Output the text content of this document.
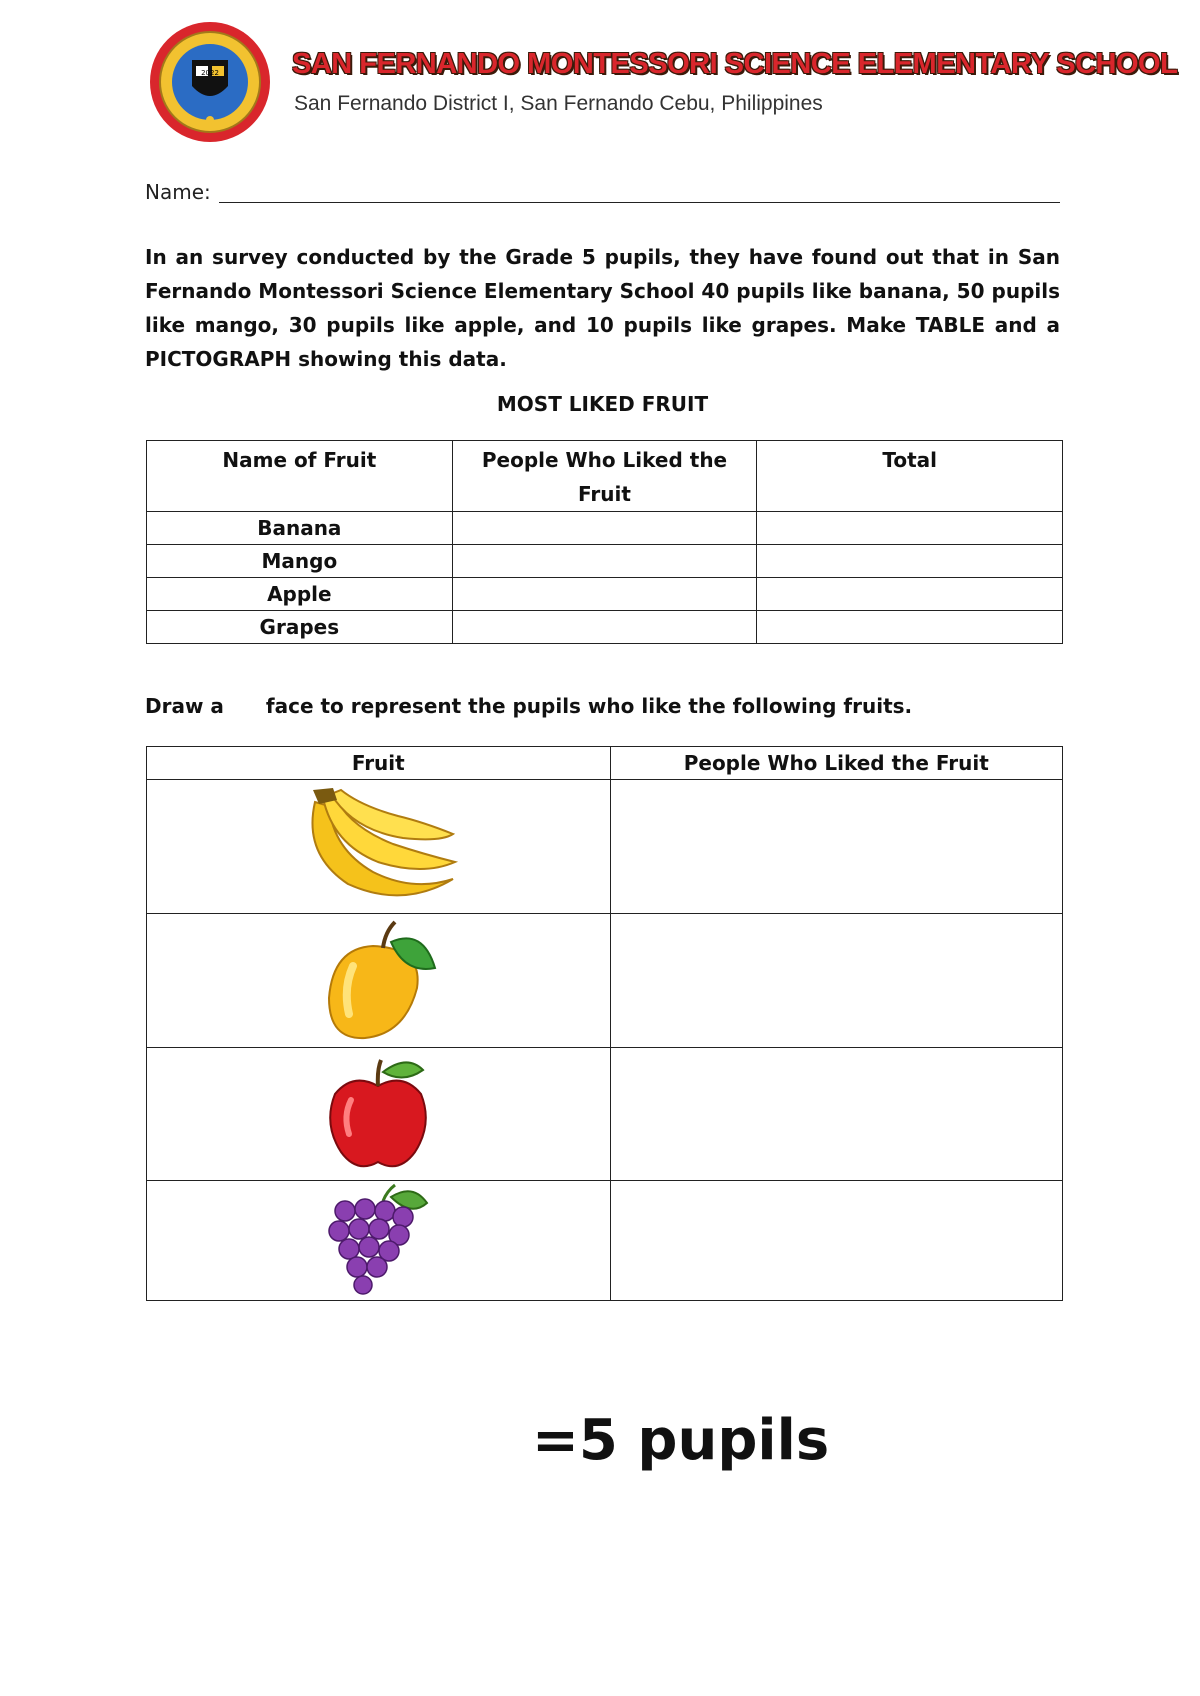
2022	SAN FERNANDO MONTESSORI SCIENCE ELEMENTARY SCHOOL
San Fernando District I, San Fernando Cebu, Philippines
Name:
In an survey conducted by the Grade 5 pupils, they have found out that in San Fernando Montessori Science Elementary School 40 pupils like banana, 50 pupils like mango, 30 pupils like apple, and 10 pupils like grapes. Make TABLE and a PICTOGRAPH showing this data.
MOST LIKED FRUIT
Name of Fruit	People Who Liked the Fruit	Total
Banana		
Mango		
Apple		
Grapes		
Draw a face to represent the pupils who like the following fruits.
Fruit	People Who Liked the Fruit

=5 pupils
